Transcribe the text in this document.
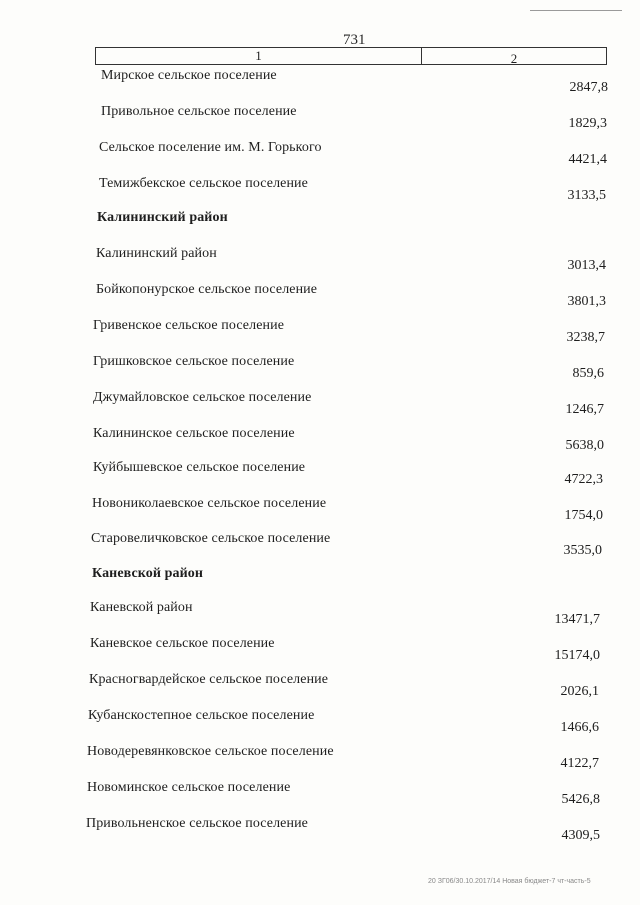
731
1	2
Мирское сельское поселение
2847,8
Привольное сельское поселение
1829,3
Сельское поселение им. М. Горького
4421,4
Темижбекское сельское поселение
3133,5
Калининский район
Калининский район
3013,4
Бойкопонурское сельское поселение
3801,3
Гривенское сельское поселение
3238,7
Гришковское сельское поселение
859,6
Джумайловское сельское поселение
1246,7
Калининское сельское поселение
5638,0
Куйбышевское сельское поселение
4722,3
Новониколаевское сельское поселение
1754,0
Старовеличковское сельское поселение
3535,0
Каневской район
Каневской район
13471,7
Каневское сельское поселение
15174,0
Красногвардейское сельское поселение
2026,1
Кубанскостепное сельское поселение
1466,6
Новодеревянковское сельское поселение
4122,7
Новоминское сельское поселение
5426,8
Привольненское сельское поселение
4309,5
20 ЗГ06/30.10.2017/14 Новая бюджет-7 чт-часть-5
